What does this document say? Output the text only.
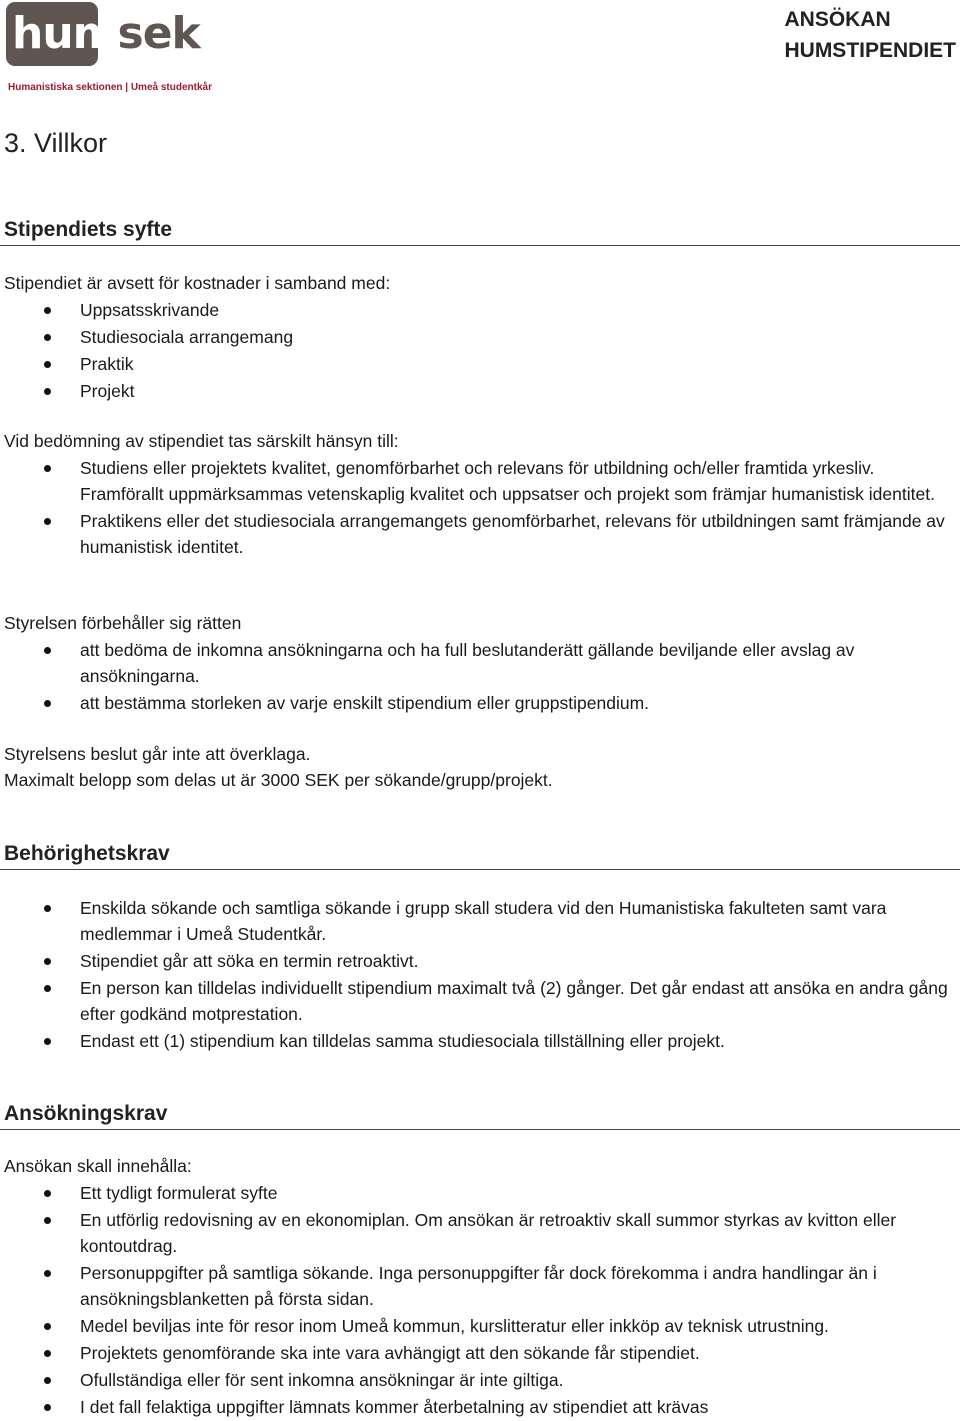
humsek
Humanistiska sektionen | Umeå studentkår
ANSÖKAN
HUMSTIPENDIET
3. Villkor
Stipendiets syfte
Stipendiet är avsett för kostnader i samband med:
Uppsatsskrivande
Studiesociala arrangemang
Praktik
Projekt
Vid bedömning av stipendiet tas särskilt hänsyn till:
Studiens eller projektets kvalitet, genomförbarhet och relevans för utbildning och/eller framtida yrkesliv. Framförallt uppmärksammas vetenskaplig kvalitet och uppsatser och projekt som främjar humanistisk identitet.
Praktikens eller det studiesociala arrangemangets genomförbarhet, relevans för utbildningen samt främjande av humanistisk identitet.
Styrelsen förbehåller sig rätten
att bedöma de inkomna ansökningarna och ha full beslutanderätt gällande beviljande eller avslag av ansökningarna.
att bestämma storleken av varje enskilt stipendium eller gruppstipendium.
Styrelsens beslut går inte att överklaga.
Maximalt belopp som delas ut är 3000 SEK per sökande/grupp/projekt.
Behörighetskrav
Enskilda sökande och samtliga sökande i grupp skall studera vid den Humanistiska fakulteten samt vara medlemmar i Umeå Studentkår.
Stipendiet går att söka en termin retroaktivt.
En person kan tilldelas individuellt stipendium maximalt två (2) gånger. Det går endast att ansöka en andra gång efter godkänd motprestation.
Endast ett (1) stipendium kan tilldelas samma studiesociala tillställning eller projekt.
Ansökningskrav
Ansökan skall innehålla:
Ett tydligt formulerat syfte
En utförlig redovisning av en ekonomiplan. Om ansökan är retroaktiv skall summor styrkas av kvitton eller kontoutdrag.
Personuppgifter på samtliga sökande. Inga personuppgifter får dock förekomma i andra handlingar än i ansökningsblanketten på första sidan.
Medel beviljas inte för resor inom Umeå kommun, kurslitteratur eller inkköp av teknisk utrustning.
Projektets genomförande ska inte vara avhängigt att den sökande får stipendiet.
Ofullständiga eller för sent inkomna ansökningar är inte giltiga.
I det fall felaktiga uppgifter lämnats kommer återbetalning av stipendiet att krävas
